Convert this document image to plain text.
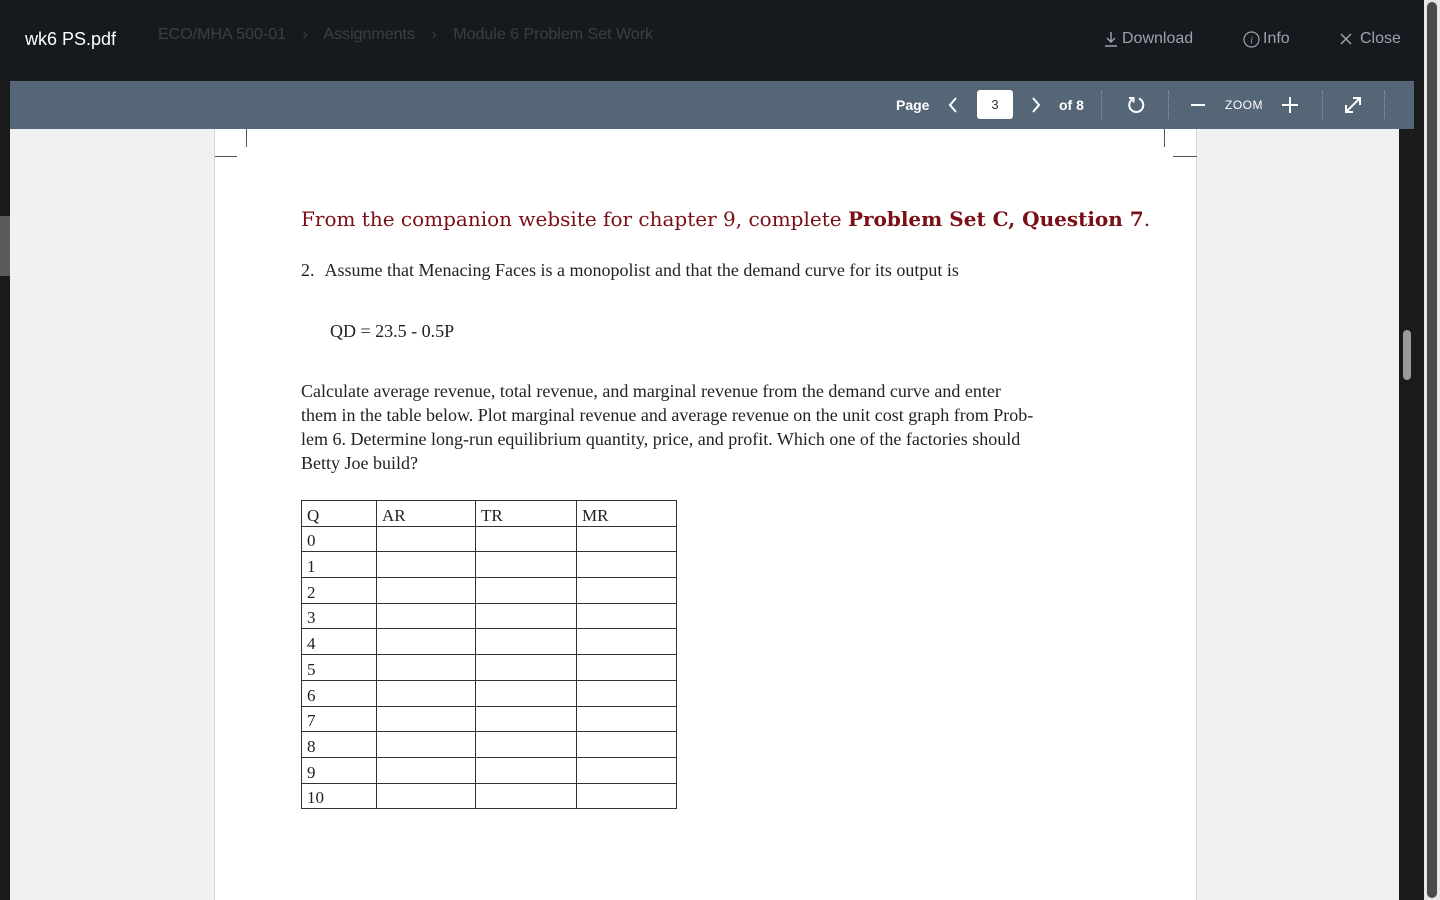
ECO/MHA 500-01 › Assignments › Module 6 Problem Set Work
wk6 PS.pdf	Download	i Info	Close
Page	3	of 8	ZOOM
From the companion website for chapter 9, complete Problem Set C, Question 7.
2. Assume that Menacing Faces is a monopolist and that the demand curve for its output is
QD = 23.5 - 0.5P
Calculate average revenue, total revenue, and marginal revenue from the demand curve and enter
them in the table below. Plot marginal revenue and average revenue on the unit cost graph from Prob-
lem 6. Determine long-run equilibrium quantity, price, and profit. Which one of the factories should
Betty Joe build?
Q	AR	TR	MR
0			
1			
2			
3			
4			
5			
6			
7			
8			
9			
10			
